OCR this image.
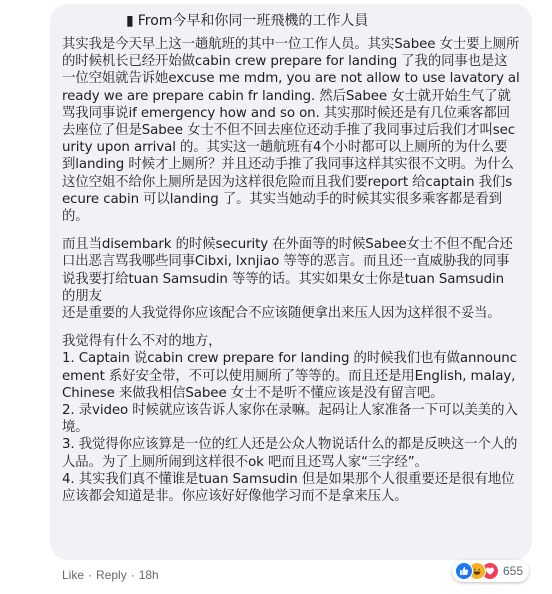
▮ From今早和你同一班飛機的工作人員

其实我是今天早上这一趟航班的其中一位工作人员。其实Sabee 女士要上厕所的时候机长已经开始做cabin crew prepare for landing 了我的同事也是这一位空姐就告诉她excuse me mdm, you are not allow to use lavatory already we are prepare cabin fr landing. 然后Sabee 女士就开始生气了就骂我同事说if emergency how and so on. 其实那时候还是有几位乘客都回去座位了但是Sabee 女士不但不回去座位还动手推了我同事过后我们才叫security upon arrival 的。其实这一趟航班有4个小时都可以上厕所的为什么要到landing 时候才上厕所？并且还动手推了我同事这样其实很不文明。为什么这位空姐不给你上厕所是因为这样很危险而且我们要report 给captain 我们secure cabin 可以landing 了。其实当她动手的时候其实很多乘客都是看到的。

而且当disembark 的时候security 在外面等的时候Sabee女士不但不配合还口出恶言骂我哪些同事Cibxi, lxnjiao 等等的恶言。而且还一直威胁我的同事说我要打给tuan Samsudin 等等的话。其实如果女士你是tuan Samsudin 的朋友
还是重要的人我觉得你应该配合不应该随便拿出来压人因为这样很不妥当。

我觉得有什么不对的地方，
1. Captain 说cabin crew prepare for landing 的时候我们也有做announcement 系好安全带，不可以使用厕所了等等的。而且还是用English, malay, Chinese 来做我相信Sabee 女士不是听不懂应该是没有留言吧。
2. 录video 时候就应该告诉人家你在录嘛。起码让人家准备一下可以美美的入境。
3. 我觉得你应该算是一位的红人还是公众人物说话什么的都是反映这一个人的人品。为了上厕所闹到这样很不ok 吧而且还骂人家“三字经”。
4. 其实我们真不懂谁是tuan Samsudin 但是如果那个人很重要还是很有地位应该都会知道是非。你应该好好像他学习而不是拿来压人。

Like · Reply · 18h	655
